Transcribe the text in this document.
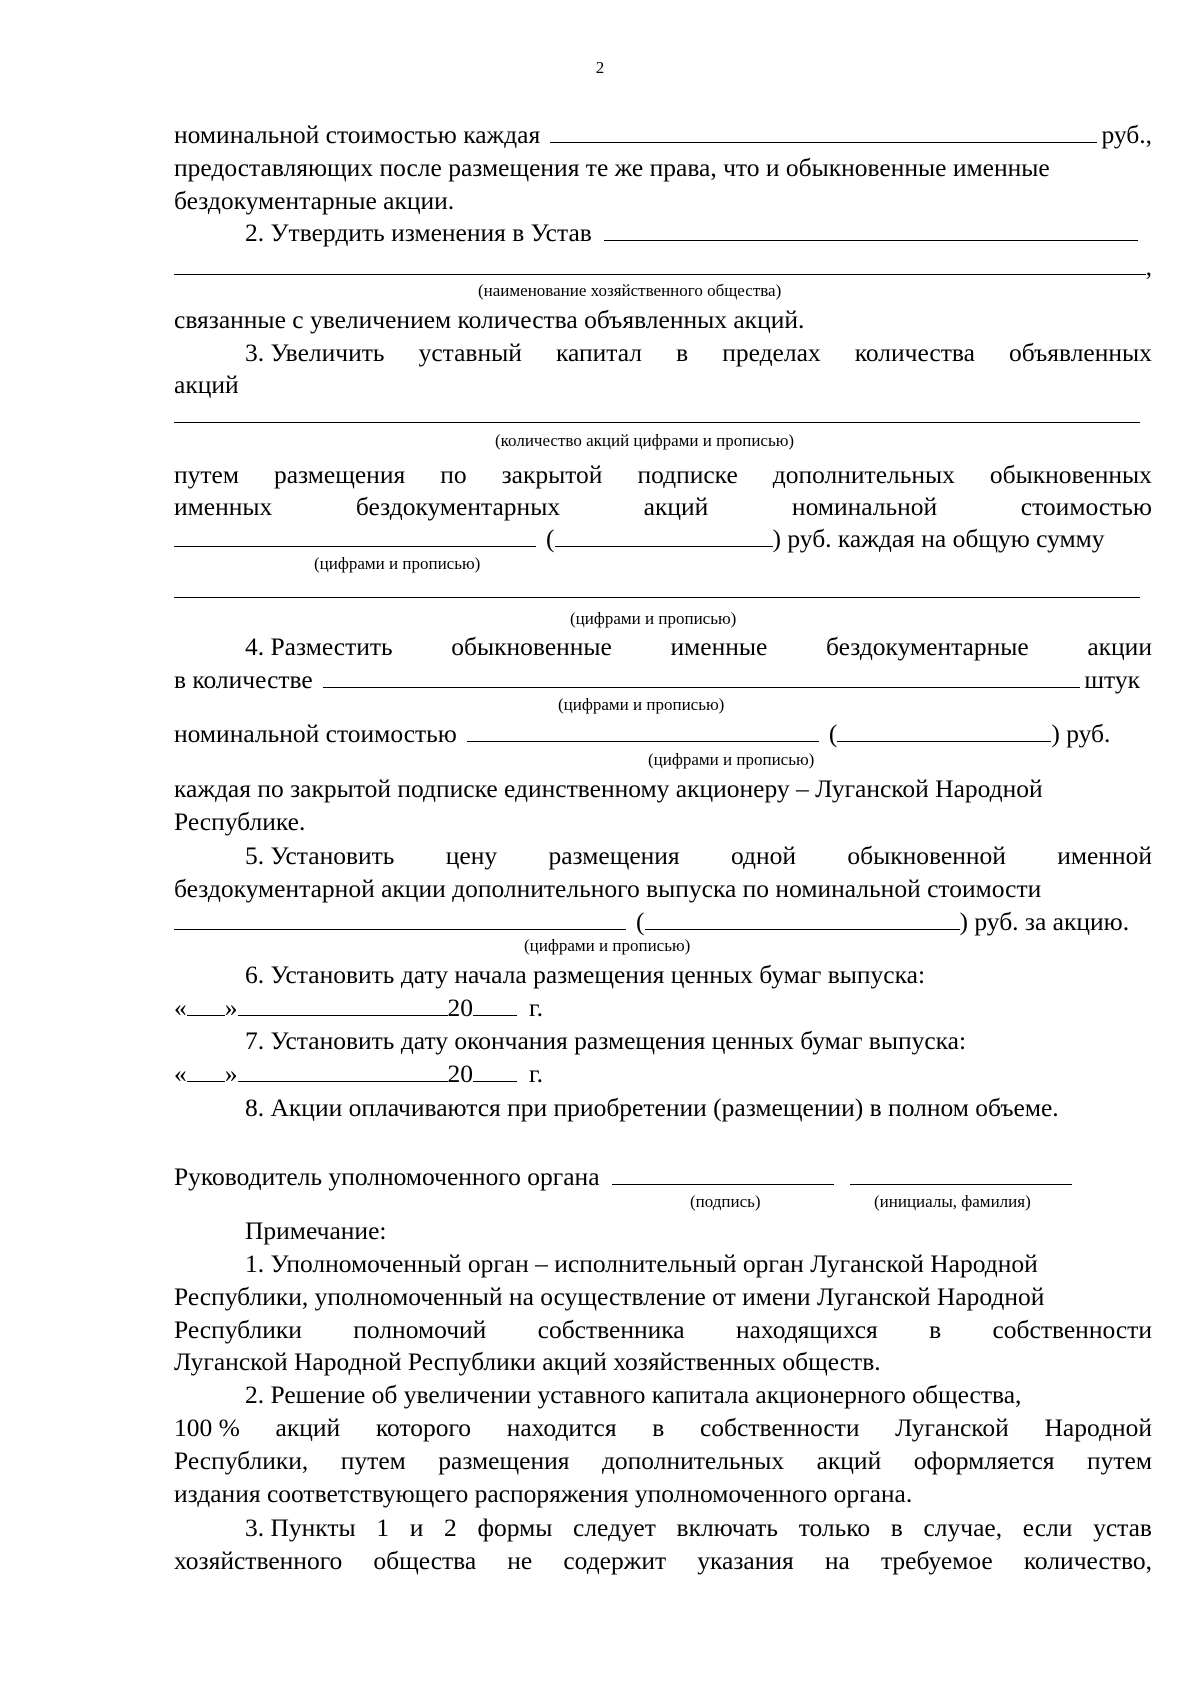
2
номинальной стоимостью каждая	руб.,
предоставляющих после размещения те же права, что и обыкновенные именные
бездокументарные акции.
2. Утвердить изменения в Устав
,
(наименование хозяйственного общества)
связанные с увеличением количества объявленных акций.
3. Увеличить уставный капитал в пределах количества объявленных
акций
(количество акций цифрами и прописью)
путем размещения по закрытой подписке дополнительных обыкновенных
именных	бездокументарных	акций	номинальной	стоимостью
(	) руб. каждая на общую сумму
(цифрами и прописью)
(цифрами и прописью)
4. Разместить обыкновенные именные бездокументарные акции
в количестве	штук
(цифрами и прописью)
номинальной стоимостью	(	) руб.
(цифрами и прописью)
каждая по закрытой подписке единственному акционеру – Луганской Народной
Республике.
5. Установить цену размещения одной обыкновенной именной
бездокументарной акции дополнительного выпуска по номинальной стоимости
(	) руб. за акцию.
(цифрами и прописью)
6. Установить дату начала размещения ценных бумаг выпуска:
« »	20 г.
7. Установить дату окончания размещения ценных бумаг выпуска:
« »	20 г.
8. Акции оплачиваются при приобретении (размещении) в полном объеме.
Руководитель уполномоченного органа
(подпись)	(инициалы, фамилия)
Примечание:
1. Уполномоченный орган – исполнительный орган Луганской Народной
Республики, уполномоченный на осуществление от имени Луганской Народной
Республики полномочий собственника находящихся в собственности
Луганской Народной Республики акций хозяйственных обществ.
2. Решение об увеличении уставного капитала акционерного общества,
100 % акций которого находится в собственности Луганской Народной
Республики, путем размещения дополнительных акций оформляется путем
издания соответствующего распоряжения уполномоченного органа.
3. Пункты 1 и 2 формы следует включать только в случае, если устав
хозяйственного общества не содержит указания на требуемое количество,
